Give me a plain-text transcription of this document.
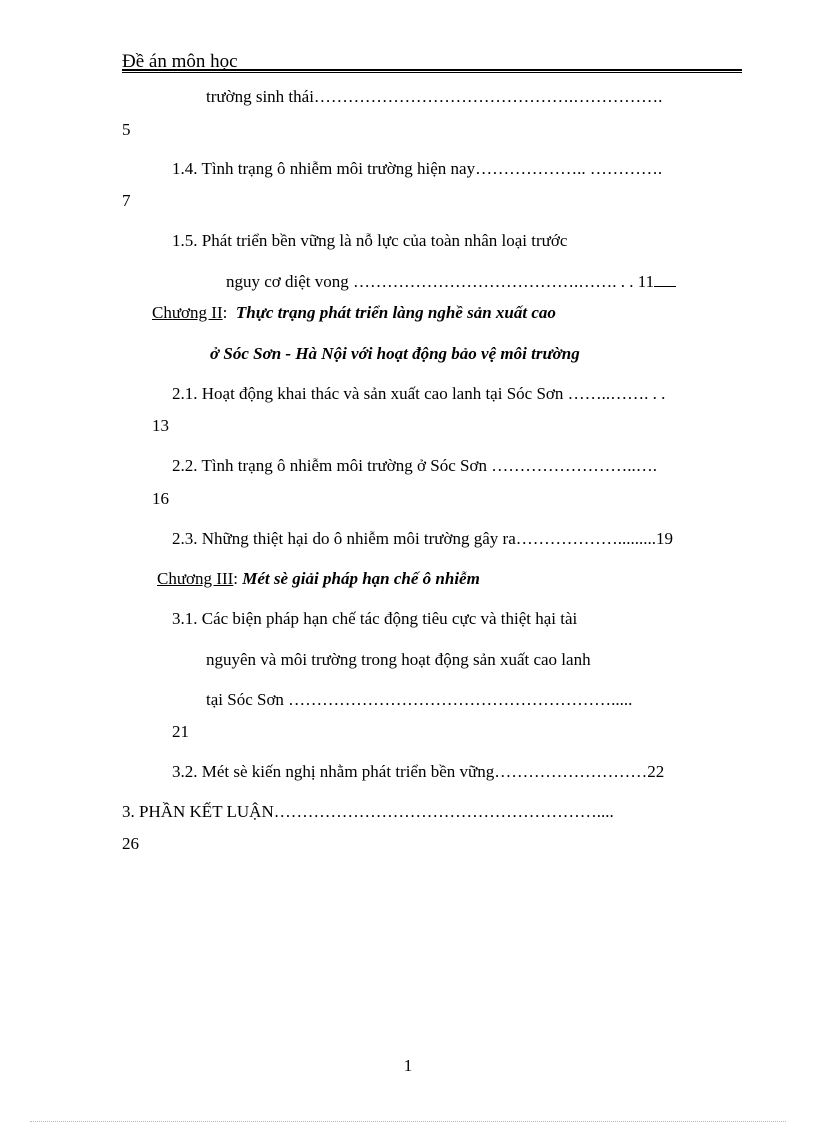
Đề án môn học
trường sinh thái……………………………………….…………….
5
1.4. Tình trạng ô nhiễm môi trường hiện nay……………….. ………….
7
1.5. Phát triển bền vững là nỗ lực của toàn nhân loại trước
nguy cơ diệt vong ………………………………….……. . . 11
Chương II: Thực trạng phát triển làng nghề sản xuất cao
ở Sóc Sơn - Hà Nội với hoạt động bảo vệ môi trường
2.1. Hoạt động khai thác và sản xuất cao lanh tại Sóc Sơn ……..……. . .
13
2.2. Tình trạng ô nhiễm môi trường ở Sóc Sơn ……………………..….
16
2.3. Những thiệt hại do ô nhiễm môi trường gây ra……………….........19
Chương III: Mét sè giải pháp hạn chế ô nhiễm
3.1. Các biện pháp hạn chế tác động tiêu cực và thiệt hại tài
nguyên và môi trường trong hoạt động sản xuất cao lanh
tại Sóc Sơn ………………………………………………….....
21
3.2. Mét sè kiến nghị nhằm phát triển bền vững………………………22
3. PHẦN KẾT LUẬN…………………………………………………....
26
1
